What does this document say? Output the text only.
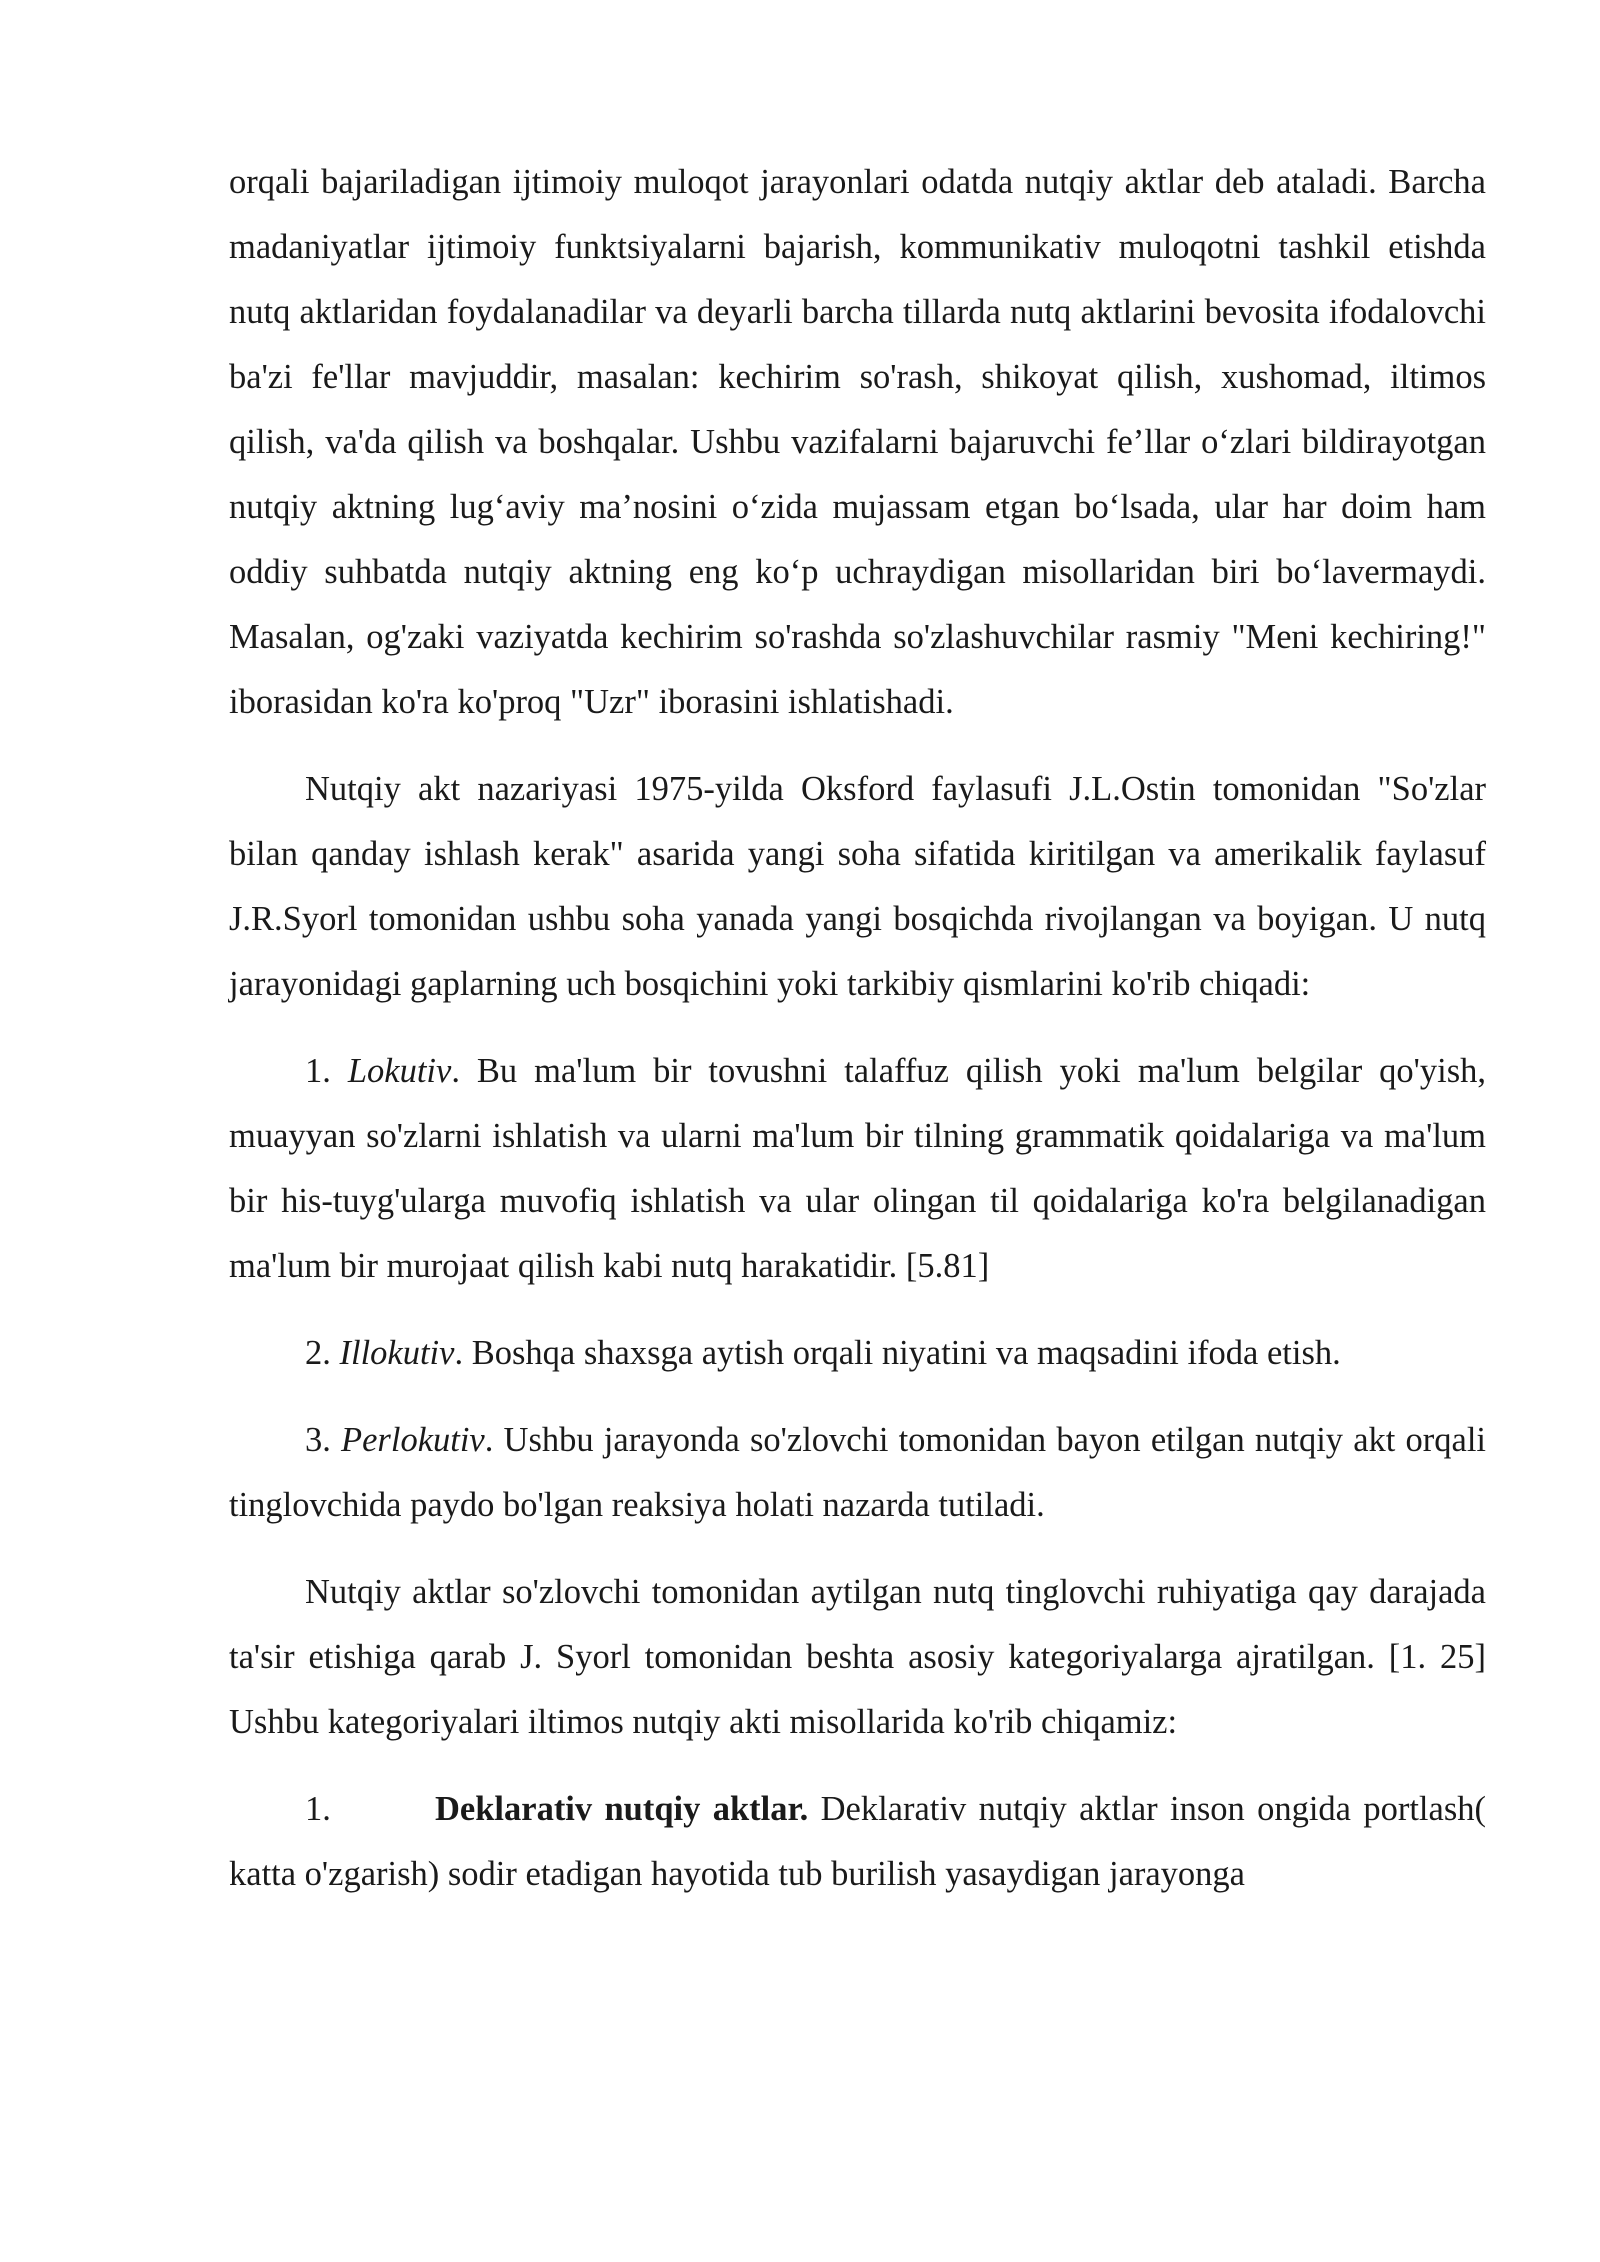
orqali bajariladigan ijtimoiy muloqot jarayonlari odatda nutqiy aktlar deb ataladi. Barcha madaniyatlar ijtimoiy funktsiyalarni bajarish, kommunikativ muloqotni tashkil etishda nutq aktlaridan foydalanadilar va deyarli barcha tillarda nutq aktlarini bevosita ifodalovchi ba'zi fe'llar mavjuddir, masalan: kechirim so'rash, shikoyat qilish, xushomad, iltimos qilish, va'da qilish va boshqalar. Ushbu vazifalarni bajaruvchi fe’llar o‘zlari bildirayotgan nutqiy aktning lug‘aviy ma’nosini o‘zida mujassam etgan bo‘lsada, ular har doim ham oddiy suhbatda nutqiy aktning eng ko‘p uchraydigan misollaridan biri bo‘lavermaydi. Masalan, og'zaki vaziyatda kechirim so'rashda so'zlashuvchilar rasmiy "Meni kechiring!" iborasidan ko'ra ko'proq "Uzr" iborasini ishlatishadi.

Nutqiy akt nazariyasi 1975-yilda Oksford faylasufi J.L.Ostin tomonidan "So'zlar bilan qanday ishlash kerak" asarida yangi soha sifatida kiritilgan va amerikalik faylasuf J.R.Syorl tomonidan ushbu soha yanada yangi bosqichda rivojlangan va boyigan. U nutq jarayonidagi gaplarning uch bosqichini yoki tarkibiy qismlarini ko'rib chiqadi:

1. Lokutiv. Bu ma'lum bir tovushni talaffuz qilish yoki ma'lum belgilar qo'yish, muayyan so'zlarni ishlatish va ularni ma'lum bir tilning grammatik qoidalariga va ma'lum bir his-tuyg'ularga muvofiq ishlatish va ular olingan til qoidalariga ko'ra belgilanadigan ma'lum bir murojaat qilish kabi nutq harakatidir. [5.81]

2. Illokutiv. Boshqa shaxsga aytish orqali niyatini va maqsadini ifoda etish.

3. Perlokutiv. Ushbu jarayonda so'zlovchi tomonidan bayon etilgan nutqiy akt orqali tinglovchida paydo bo'lgan reaksiya holati nazarda tutiladi.

Nutqiy aktlar so'zlovchi tomonidan aytilgan nutq tinglovchi ruhiyatiga qay darajada ta'sir etishiga qarab J. Syorl tomonidan beshta asosiy kategoriyalarga ajratilgan. [1. 25] Ushbu kategoriyalari iltimos nutqiy akti misollarida ko'rib chiqamiz:

1.	Deklarativ nutqiy aktlar. Deklarativ nutqiy aktlar inson ongida portlash( katta o'zgarish) sodir etadigan hayotida tub burilish yasaydigan jarayonga
